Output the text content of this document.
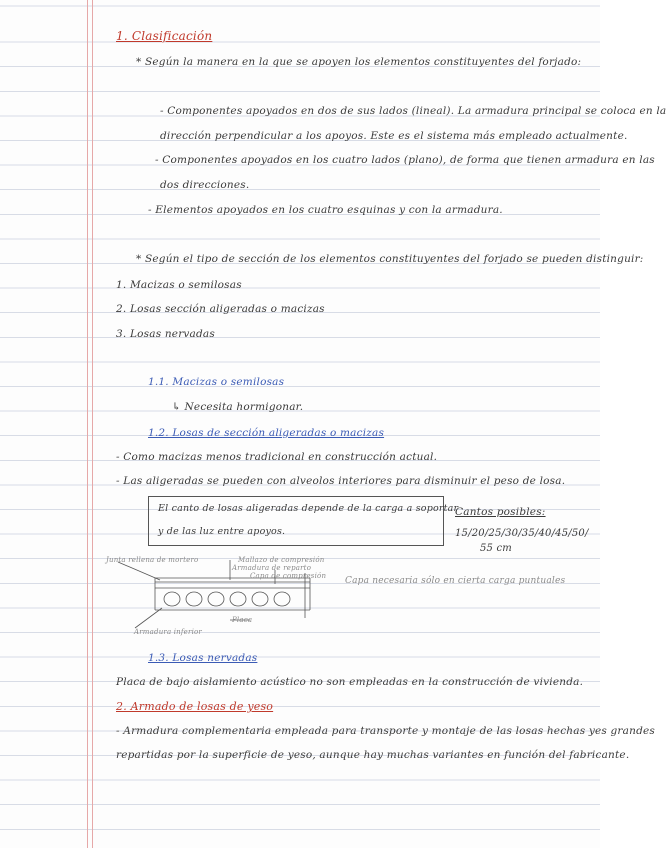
1. Clasificación
* Según la manera en la que se apoyen los elementos constituyentes del forjado:
- Componentes apoyados en dos de sus lados (lineal). La armadura principal se coloca en la
dirección perpendicular a los apoyos. Este es el sistema más empleado actualmente.
- Componentes apoyados en los cuatro lados (plano), de forma que tienen armadura en las
dos direcciones.
- Elementos apoyados en los cuatro esquinas y con la armadura.
* Según el tipo de sección de los elementos constituyentes del forjado se pueden distinguir:
1. Macizas o semilosas
2. Losas sección aligeradas o macizas
3. Losas nervadas
1.1. Macizas o semilosas
↳ Necesita hormigonar.
1.2. Losas de sección aligeradas o macizas
- Como macizas menos tradicional en construcción actual.
- Las aligeradas se pueden con alveolos interiores para disminuir el peso de losa.
El canto de losas aligeradas depende de la carga a soportar
y de las luz entre apoyos.
Cantos posibles:
15/20/25/30/35/40/45/50/
55 cm
Junta rellena de mortero	Mallazo de compresión
Armadura de reparto
Capa de compresión
Armadura inferior
Placa
Capa necesaria sólo en cierta carga puntuales
1.3. Losas nervadas
Placa de bajo aislamiento acústico no son empleadas en la construcción de vivienda.
2. Armado de losas de yeso
- Armadura complementaria empleada para transporte y montaje de las losas hechas yes grandes
repartidas por la superficie de yeso, aunque hay muchas variantes en función del fabricante.
